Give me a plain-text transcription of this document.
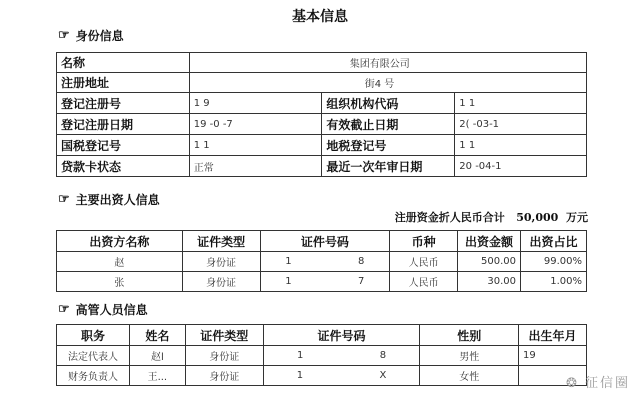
基本信息
☞ 身份信息
名称	集团有限公司		
注册地址	街4 号		
登记注册号	1 9	组织机构代码	1 1
登记注册日期	19 -0 -7	有效截止日期	2( -03-1
国税登记号	1 1	地税登记号	1 1
贷款卡状态	正常	最近一次年审日期	20 -04-1
☞ 主要出资人信息
注册资金折人民币合计 50,000 万元
出资方名称	证件类型	证件号码	币种	出资金额	出资占比
赵	身份证	1 8	人民币	500.00	99.00%
张	身份证	1 7	人民币	30.00	1.00%
☞ 高管人员信息
职务	姓名	证件类型	证件号码	性别	出生年月
法定代表人	赵l	身份证	1 8	男性	19
财务负责人	王...	身份证	1 X	女性		❂ 征信圈
